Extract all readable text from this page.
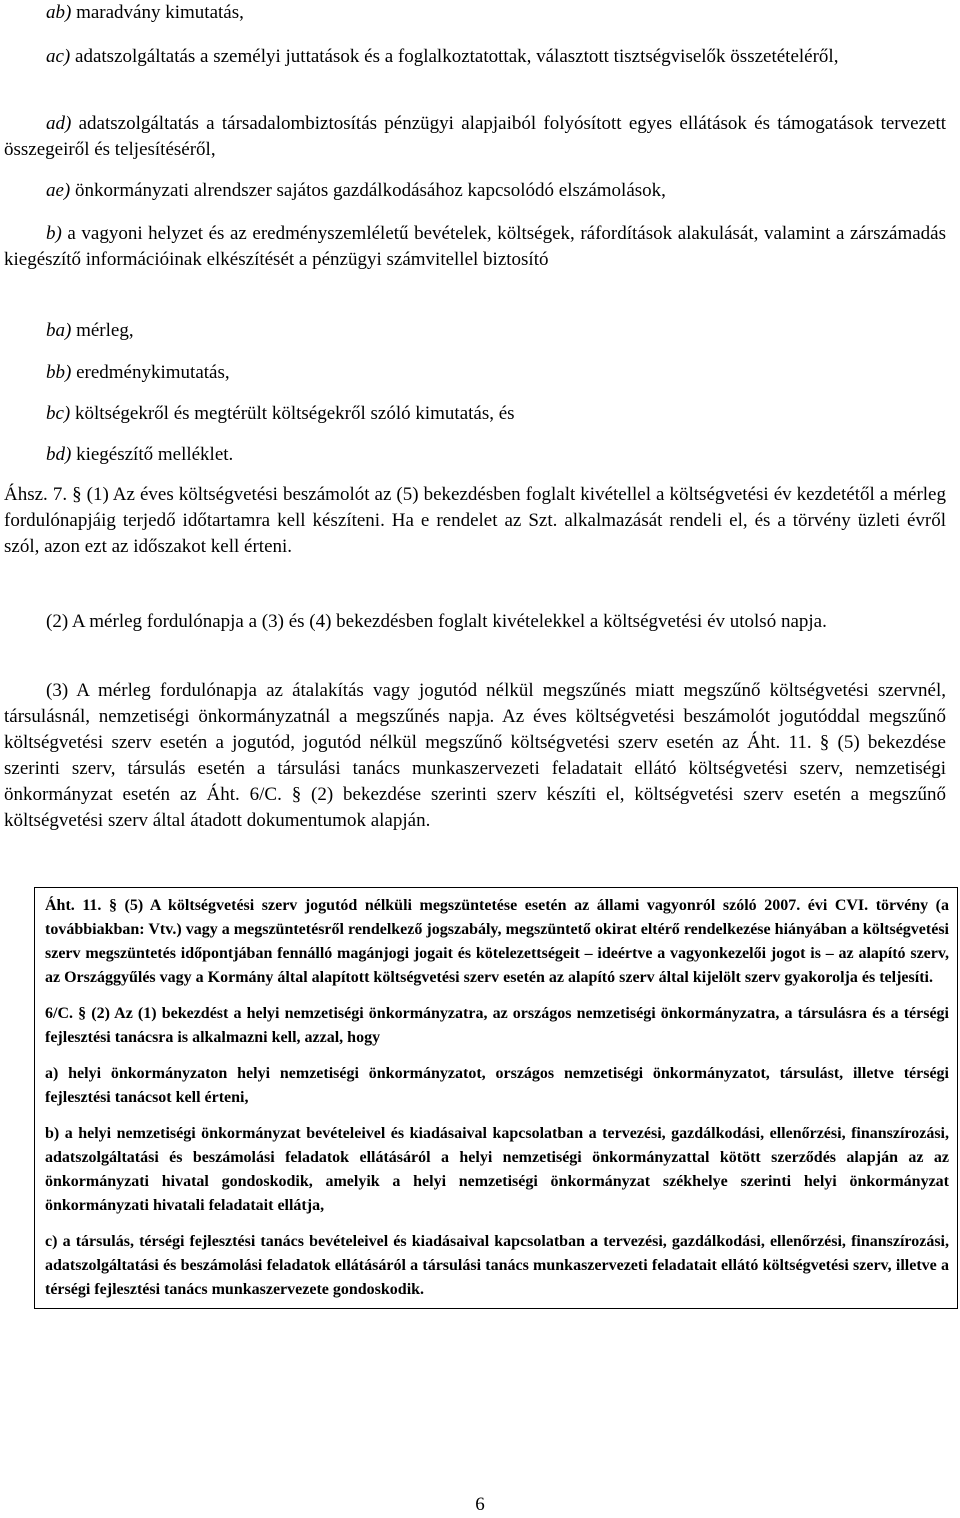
ab) maradvány kimutatás,

ac) adatszolgáltatás a személyi juttatások és a foglalkoztatottak, választott tisztségviselők összetételéről,

ad) adatszolgáltatás a társadalombiztosítás pénzügyi alapjaiból folyósított egyes ellátások és támogatások tervezett összegeiről és teljesítéséről,

ae) önkormányzati alrendszer sajátos gazdálkodásához kapcsolódó elszámolások,

b) a vagyoni helyzet és az eredményszemléletű bevételek, költségek, ráfordítások alakulását, valamint a zárszámadás kiegészítő információinak elkészítését a pénzügyi számvitellel biztosító

ba) mérleg,

bb) eredménykimutatás,

bc) költségekről és megtérült költségekről szóló kimutatás, és

bd) kiegészítő melléklet.

Áhsz. 7. § (1) Az éves költségvetési beszámolót az (5) bekezdésben foglalt kivétellel a költségvetési év kezdetétől a mérleg fordulónapjáig terjedő időtartamra kell készíteni. Ha e rendelet az Szt. alkalmazását rendeli el, és a törvény üzleti évről szól, azon ezt az időszakot kell érteni.

(2) A mérleg fordulónapja a (3) és (4) bekezdésben foglalt kivételekkel a költségvetési év utolsó napja.

(3) A mérleg fordulónapja az átalakítás vagy jogutód nélkül megszűnés miatt megszűnő költségvetési szervnél, társulásnál, nemzetiségi önkormányzatnál a megszűnés napja. Az éves költségvetési beszámolót jogutóddal megszűnő költségvetési szerv esetén a jogutód, jogutód nélkül megszűnő költségvetési szerv esetén az Áht. 11. § (5) bekezdése szerinti szerv, társulás esetén a társulási tanács munkaszervezeti feladatait ellátó költségvetési szerv, nemzetiségi önkormányzat esetén az Áht. 6/C. § (2) bekezdése szerinti szerv készíti el, költségvetési szerv esetén a megszűnő költségvetési szerv által átadott dokumentumok alapján.

Áht. 11. § (5) A költségvetési szerv jogutód nélküli megszüntetése esetén az állami vagyonról szóló 2007. évi CVI. törvény (a továbbiakban: Vtv.) vagy a megszüntetésről rendelkező jogszabály, megszüntető okirat eltérő rendelkezése hiányában a költségvetési szerv megszüntetés időpontjában fennálló magánjogi jogait és kötelezettségeit – ideértve a vagyonkezelői jogot is – az alapító szerv, az Országgyűlés vagy a Kormány által alapított költségvetési szerv esetén az alapító szerv által kijelölt szerv gyakorolja és teljesíti.

6/C. § (2) Az (1) bekezdést a helyi nemzetiségi önkormányzatra, az országos nemzetiségi önkormányzatra, a társulásra és a térségi fejlesztési tanácsra is alkalmazni kell, azzal, hogy

a) helyi önkormányzaton helyi nemzetiségi önkormányzatot, országos nemzetiségi önkormányzatot, társulást, illetve térségi fejlesztési tanácsot kell érteni,

b) a helyi nemzetiségi önkormányzat bevételeivel és kiadásaival kapcsolatban a tervezési, gazdálkodási, ellenőrzési, finanszírozási, adatszolgáltatási és beszámolási feladatok ellátásáról a helyi nemzetiségi önkormányzattal kötött szerződés alapján az az önkormányzati hivatal gondoskodik, amelyik a helyi nemzetiségi önkormányzat székhelye szerinti helyi önkormányzat önkormányzati hivatali feladatait ellátja,

c) a társulás, térségi fejlesztési tanács bevételeivel és kiadásaival kapcsolatban a tervezési, gazdálkodási, ellenőrzési, finanszírozási, adatszolgáltatási és beszámolási feladatok ellátásáról a társulási tanács munkaszervezeti feladatait ellátó költségvetési szerv, illetve a térségi fejlesztési tanács munkaszervezete gondoskodik.

6
